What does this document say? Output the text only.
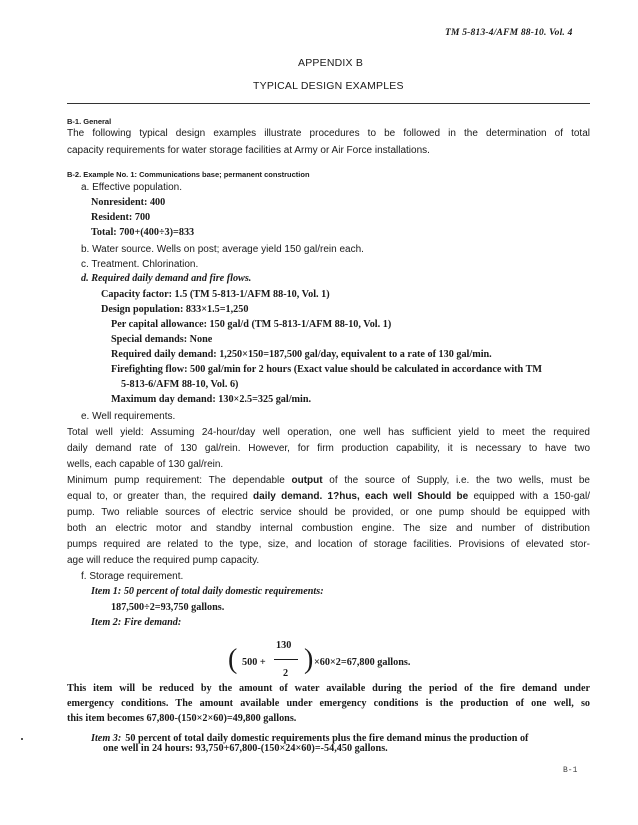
TM 5-813-4/AFM 88-10. Vol. 4
APPENDIX B
TYPICAL DESIGN EXAMPLES
B-1. General
The following typical design examples illustrate procedures to be followed in the determination of total
capacity requirements for water storage facilities at Army or Air Force installations.
B-2. Example No. 1: Communications base; permanent construction
a. Effective population.
Nonresident: 400
Resident: 700
Total: 700+(400÷3)=833
b. Water source. Wells on post; average yield 150 gal/rein each.
c. Treatment. Chlorination.
d. Required daily demand and fire flows.
Capacity factor: 1.5 (TM 5-813-1/AFM 88-10, Vol. 1)
Design population: 833×1.5=1,250
Per capital allowance: 150 gal/d (TM 5-813-1/AFM 88-10, Vol. 1)
Special demands: None
Required daily demand: 1,250×150=187,500 gal/day, equivalent to a rate of 130 gal/min.
Firefighting flow: 500 gal/min for 2 hours (Exact value should be calculated in accordance with TM
5-813-6/AFM 88-10, Vol. 6)
Maximum day demand: 130×2.5=325 gal/min.
e. Well requirements.
Total well yield: Assuming 24-hour/day well operation, one well has sufficient yield to meet the required
daily demand rate of 130 gal/rein. However, for firm production capability, it is necessary to have two
wells, each capable of 130 gal/rein.
Minimum pump requirement: The dependable output of the source of Supply, i.e. the two wells, must be
equal to, or greater than, the required daily demand. 1?hus, each well Should be equipped with a 150-gal/
pump. Two reliable sources of electric service should be provided, or one pump should be equipped with
both an electric motor and standby internal combustion engine. The size and number of distribution
pumps required are related to the type, size, and location of storage facilities. Provisions of elevated stor-
age will reduce the required pump capacity.
f. Storage requirement.
Item 1: 50 percent of total daily domestic requirements:
187,500÷2=93,750 gallons.
Item 2: Fire demand:
( 500 +
130
2 ) ×60×2=67,800 gallons.
This item will be reduced by the amount of water available during the period of the fire demand under
emergency conditions. The amount available under emergency conditions is the production of one well, so
this item becomes 67,800-(150×2×60)=49,800 gallons.
Item 3: 50 percent of total daily domestic requirements plus the fire demand minus the production of
one well in 24 hours: 93,750+67,800-(150×24×60)=-54,450 gallons.
B-1
